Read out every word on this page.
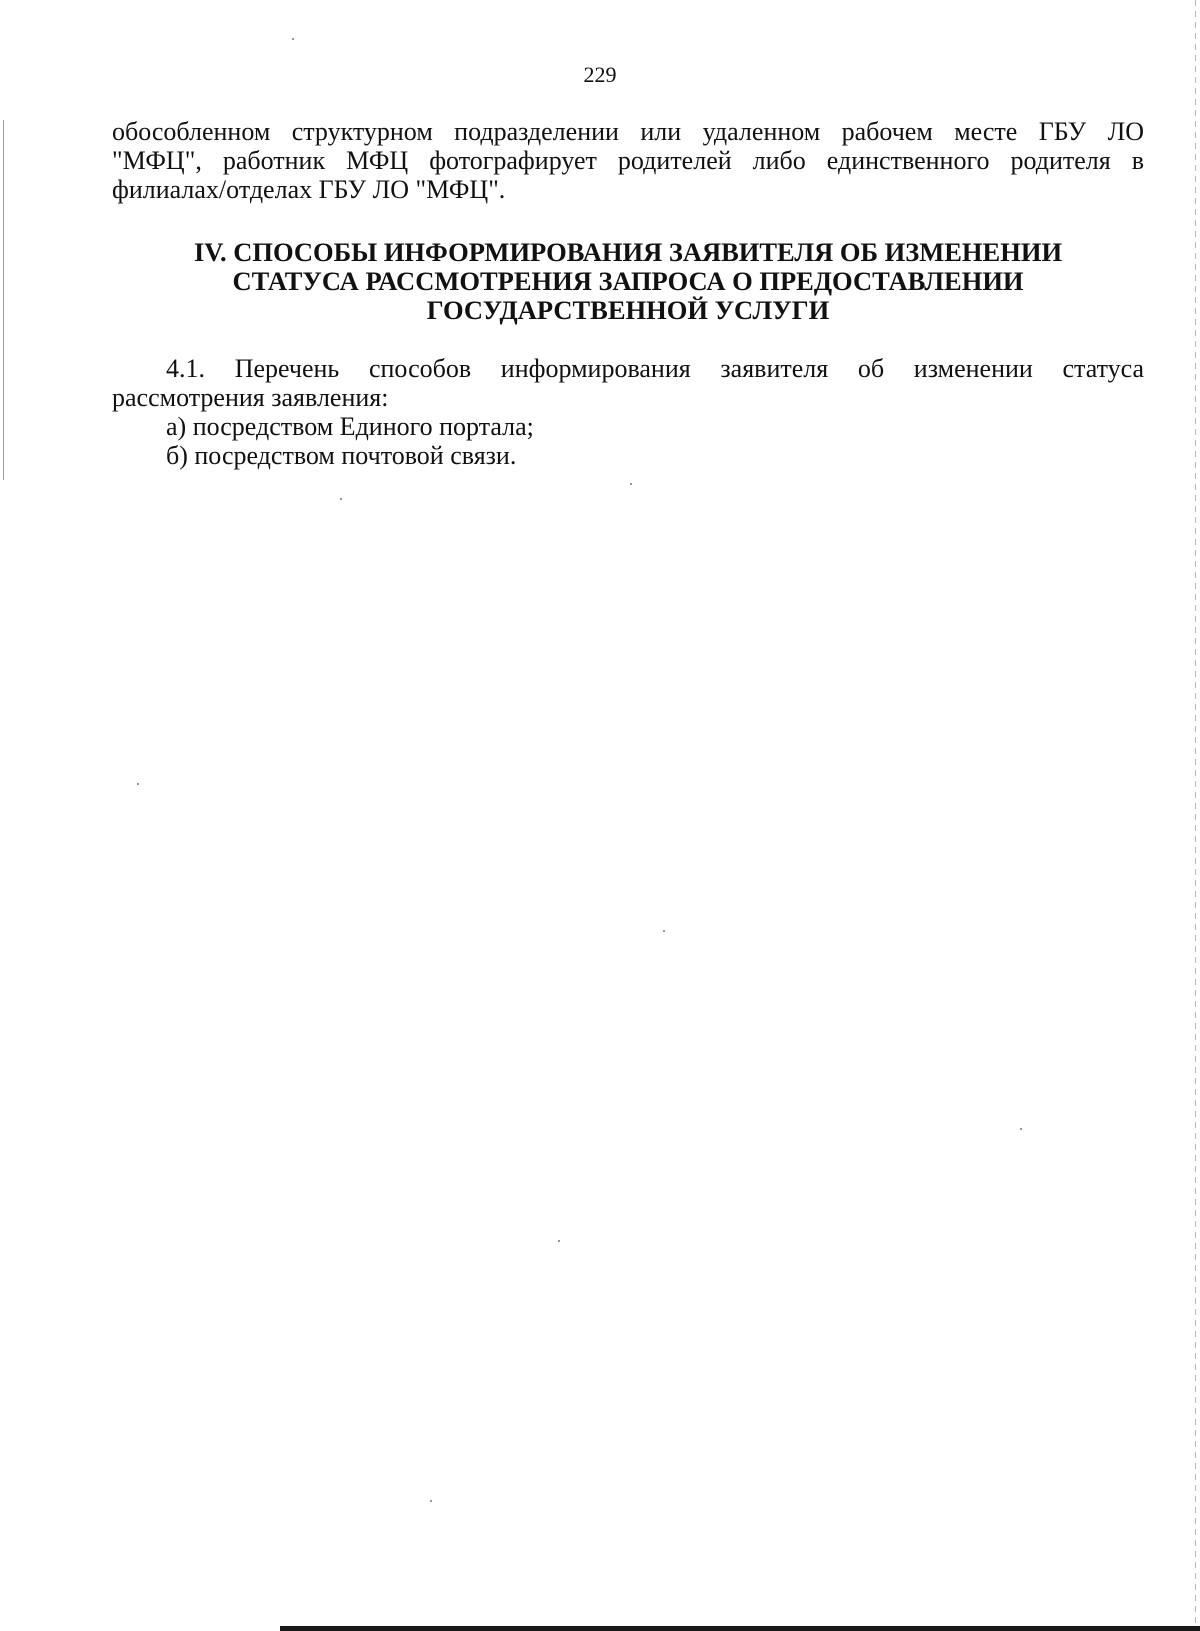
229

обособленном структурном подразделении или удаленном рабочем месте ГБУ ЛО

"МФЦ", работник МФЦ фотографирует родителей либо единственного родителя в

филиалах/отделах ГБУ ЛО "МФЦ".

IV. СПОСОБЫ ИНФОРМИРОВАНИЯ ЗАЯВИТЕЛЯ ОБ ИЗМЕНЕНИИ

СТАТУСА РАССМОТРЕНИЯ ЗАПРОСА О ПРЕДОСТАВЛЕНИИ

ГОСУДАРСТВЕННОЙ УСЛУГИ

4.1. Перечень способов информирования заявителя об изменении статуса

рассмотрения заявления:

а) посредством Единого портала;

б) посредством почтовой связи.
